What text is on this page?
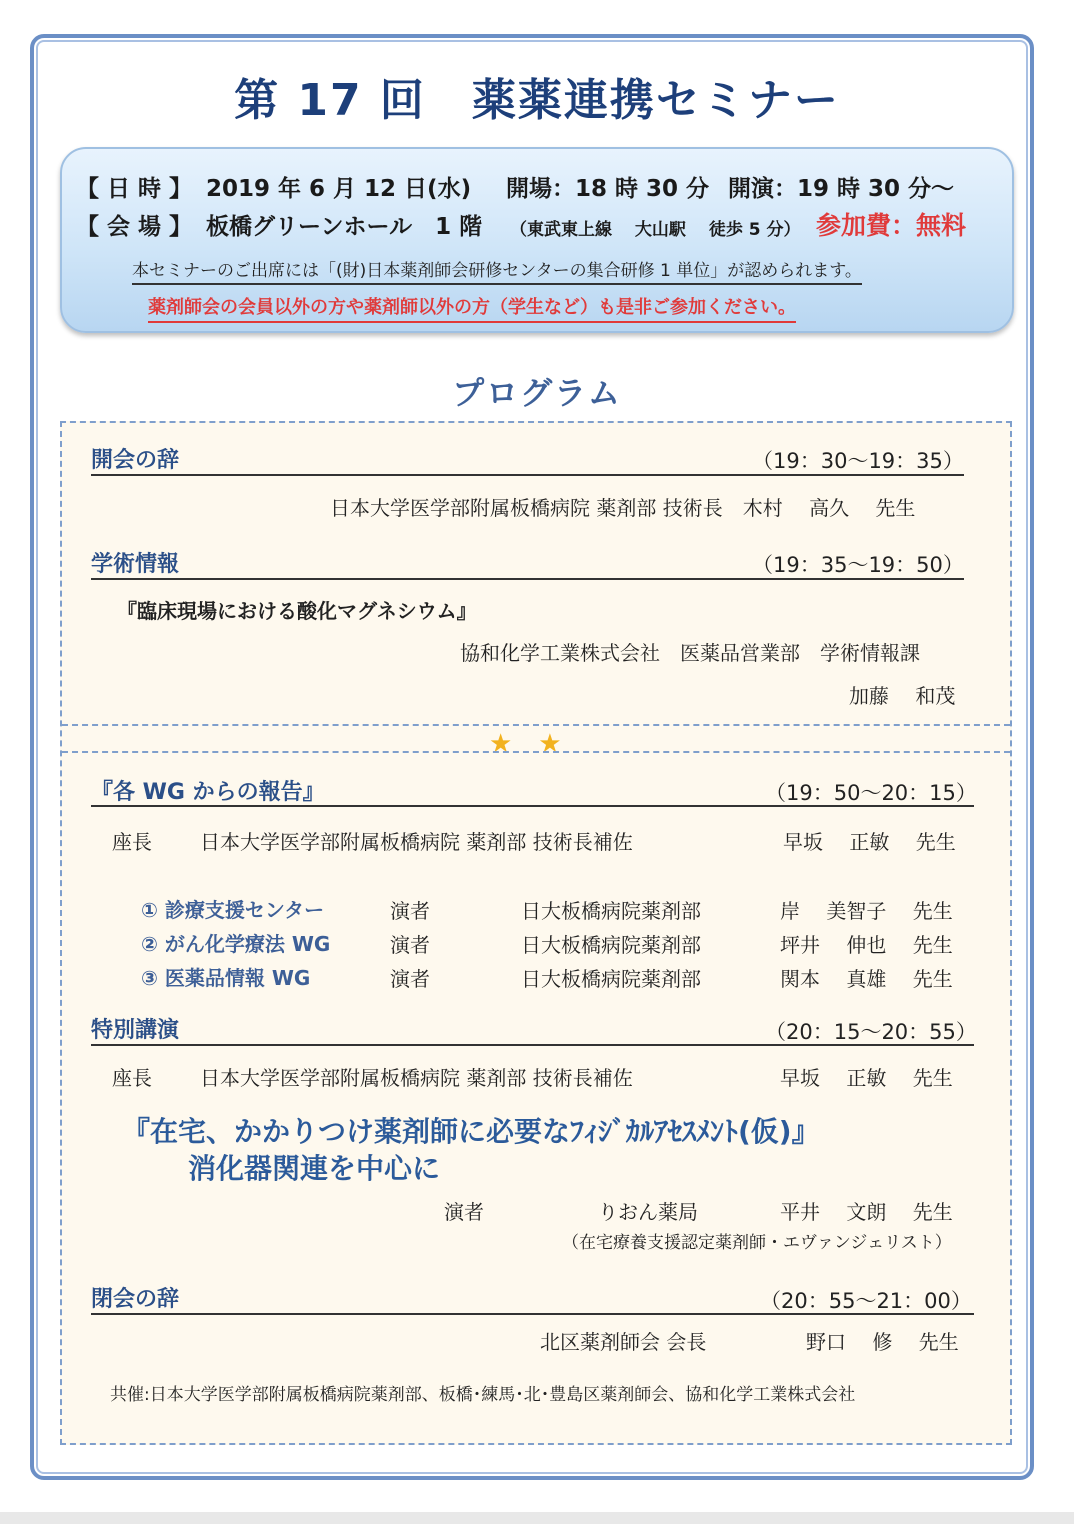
第 17 回　薬薬連携セミナー
【 日 時 】 2019 年 6 月 12 日(水) 開場：18 時 30 分 開演：19 時 30 分～
【 会 場 】 板橋グリーンホール　1 階 （東武東上線　 大山駅　 徒歩 5 分） 参加費：無料
本セミナーのご出席には「(財)日本薬剤師会研修センターの集合研修 1 単位」が認められます。
薬剤師会の会員以外の方や薬剤師以外の方（学生など）も是非ご参加ください。
プログラム
開会の辞	（19：30～19：35）
日本大学医学部附属板橋病院 薬剤部 技術長　木村　 高久　 先生
学術情報	（19：35～19：50）
『臨床現場における酸化マグネシウム』
協和化学工業株式会社　医薬品営業部　学術情報課
加藤　 和茂
★　★
『各 WG からの報告』	（19：50～20：15）
座長 日本大学医学部附属板橋病院 薬剤部 技術長補佐	早坂　 正敏　 先生
① 診療支援センター	演者	日大板橋病院薬剤部	岸　 美智子　 先生
② がん化学療法 WG	演者	日大板橋病院薬剤部	坪井　 伸也　 先生
③ 医薬品情報 WG	演者	日大板橋病院薬剤部	関本　 真雄　 先生
特別講演	（20：15～20：55）
座長 日本大学医学部附属板橋病院 薬剤部 技術長補佐	早坂　 正敏　 先生
『在宅、かかりつけ薬剤師に必要なﾌｨｼﾞｶﾙｱｾｽﾒﾝﾄ(仮)』
消化器関連を中心に
演者	りおん薬局	平井　 文朗　 先生
（在宅療養支援認定薬剤師・エヴァンジェリスト）
閉会の辞	（20：55～21：00）
北区薬剤師会 会長	野口　 修　 先生
共催:日本大学医学部附属板橋病院薬剤部、板橋･練馬･北･豊島区薬剤師会、協和化学工業株式会社
